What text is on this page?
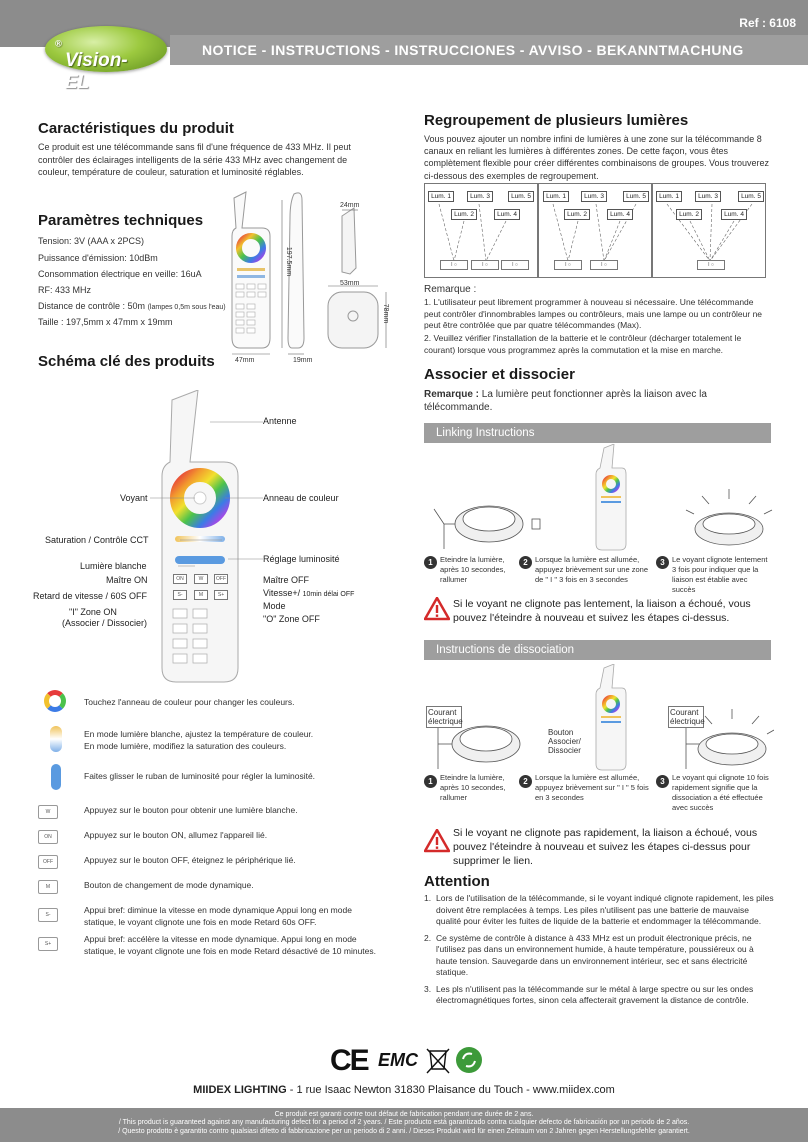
Ref : 6108
NOTICE - INSTRUCTIONS - INSTRUCCIONES - AVVISO - BEKANNTMACHUNG
Vision-EL
®
Caractéristiques du produit
Ce produit est une télécommande sans fil d'une fréquence de 433 MHz. Il peut contrôler des éclairages intelligents de la série 433 MHz avec changement de couleur, température de couleur, saturation et luminosité réglables.
Paramètres techniques
Tension: 3V (AAA x 2PCS)
Puissance d'émission: 10dBm
Consommation électrique en veille: 16uA
RF: 433 MHz
Distance de contrôle : 50m (lampes 0,5m sous l'eau)
Taille : 197,5mm x 47mm x 19mm
47mm	19mm
197.5mm
24mm
53mm
78mm
Schéma clé des produits
ON	W	OFF
S-	M	S+
Antenne
Voyant	Anneau de couleur
Saturation / Contrôle CCT
Réglage luminosité
Lumière blanche
Maître ON	Maître OFF
Retard de vitesse / 60S OFF	Vitesse+/ 10min délai OFF
Mode
"I" Zone ON
(Associer / Dissocier)	"O" Zone OFF
Touchez l'anneau de couleur pour changer les couleurs.
En mode lumière blanche, ajustez la température de couleur.
En mode lumière, modifiez la saturation des couleurs.
Faites glisser le ruban de luminosité pour régler la luminosité.
W	Appuyez sur le bouton pour obtenir une lumière blanche.
ON	Appuyez sur le bouton ON, allumez l'appareil lié.
OFF	Appuyez sur le bouton OFF, éteignez le périphérique lié.
M	Bouton de changement de mode dynamique.
S-	Appui bref: diminue la vitesse en mode dynamique Appui long en mode statique, le voyant clignote une fois en mode Retard 60s OFF.
S+	Appui bref: accélère la vitesse en mode dynamique. Appui long en mode statique, le voyant clignote une fois en mode Retard désactivé de 10 minutes.
Regroupement de plusieurs lumières
Vous pouvez ajouter un nombre infini de lumières à une zone sur la télécommande 8 canaux en reliant les lumières à différentes zones. De cette façon, vous êtes complètement flexible pour créer différentes combinaisons de groupes. Vous trouverez ci-dessous des exemples de regroupement.
Lum. 1
Lum. 2
Lum. 3
Lum. 4
Lum. 5
I ○	I ○	I ○
Lum. 1
Lum. 2
Lum. 3
Lum. 4
Lum. 5
I ○	I ○
Lum. 1
Lum. 2
Lum. 3
Lum. 4
Lum. 5
I ○
Remarque :
1. L'utilisateur peut librement programmer à nouveau si nécessaire. Une télécommande peut contrôler d'innombrables lampes ou contrôleurs, mais une lampe ou un contrôleur ne peut être contrôlée que par quatre télécommandes (Max).
2. Veuillez vérifier l'installation de la batterie et le contrôleur (décharger totalement le courant) lorsque vous programmez après la commutation et la mise en marche.
Associer et dissocier
Remarque : La lumière peut fonctionner après la liaison avec la télécommande.
Linking Instructions
1 Eteindre la lumière, après 10 secondes, rallumer
2 Lorsque la lumière est allumée, appuyez brièvement sur une zone de " I " 3 fois en 3 secondes
3 Le voyant clignote lentement 3 fois pour indiquer que la liaison est établie avec succès
Si le voyant ne clignote pas lentement, la liaison a échoué, vous pouvez l'éteindre à nouveau et suivez les étapes ci-dessus.
Instructions de dissociation
Courant électrique
Bouton Associer/ Dissocier
Courant électrique
1 Eteindre la lumière, après 10 secondes, rallumer
2 Lorsque la lumière est allumée, appuyez brièvement sur " I " 5 fois en 3 secondes
3 Le voyant qui clignote 10 fois rapidement signifie que la dissociation a été effectuée avec succès
Si le voyant ne clignote pas rapidement, la liaison a échoué, vous pouvez l'éteindre à nouveau et suivez les étapes ci-dessus pour supprimer le lien.
Attention
1. Lors de l'utilisation de la télécommande, si le voyant indiqué clignote rapidement, les piles doivent être remplacées à temps. Les piles n'utilisent pas une batterie de mauvaise qualité pour éviter les fuites de liquide de la batterie et endommager la télécommande.
2. Ce système de contrôle à distance à 433 MHz est un produit électronique précis, ne l'utilisez pas dans un environnement humide, à haute température, poussiéreux ou à haute tension. Sauvegarde dans un environnement intérieur, sec et sans électricité statique.
3. Les pls n'utilisent pas la télécommande sur le métal à large spectre ou sur les ondes électromagnétiques fortes, sinon cela affecterait gravement la distance de contrôle.
CE EMC
MIIDEX LIGHTING - 1 rue Isaac Newton 31830 Plaisance du Touch - www.miidex.com
Ce produit est garanti contre tout défaut de fabrication pendant une durée de 2 ans.
/ This product is guaranteed against any manufacturing defect for a period of 2 years. / Este producto está garantizado contra cualquier defecto de fabricación por un periodo de 2 años.
/ Questo prodotto è garantito contro qualsiasi difetto di fabbricazione per un periodo di 2 anni. / Dieses Produkt wird für einen Zeitraum von 2 Jahren gegen Herstellungsfehler garantiert.
